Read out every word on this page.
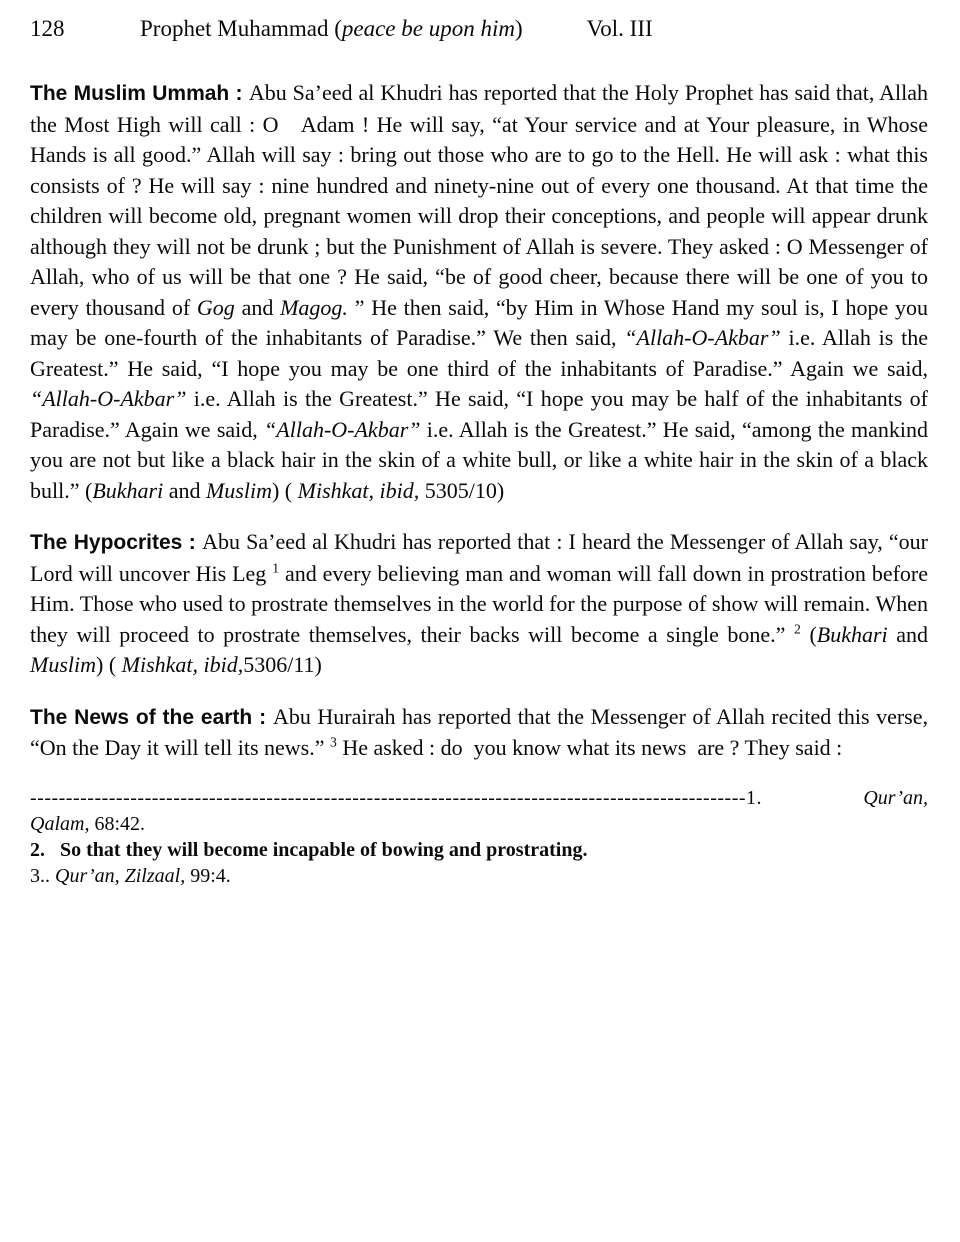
128	Prophet Muhammad (peace be upon him)	Vol. III

The Muslim Ummah : Abu Sa’eed al Khudri has reported that the Holy Prophet has said that, Allah the Most High will call : O   Adam ! He will say, “at Your service and at Your pleasure, in Whose Hands is all good.” Allah will say : bring out those who are to go to the Hell. He will ask : what this consists of ? He will say : nine hundred and ninety-nine out of every one thousand. At that time the children will become old, pregnant women will drop their conceptions, and people will appear drunk although they will not be drunk ; but the Punishment of Allah is severe. They asked : O Messenger of Allah, who of us will be that one ? He said, “be of good cheer, because there will be one of you to every thousand of Gog and Magog. ” He then said, “by Him in Whose Hand my soul is, I hope you may be one-fourth of the inhabitants of Paradise.” We then said, “Allah-O-Akbar” i.e. Allah is the Greatest.” He said, “I hope you may be one third of the inhabitants of Paradise.” Again we said, “Allah-O-Akbar” i.e. Allah is the Greatest.” He said, “I hope you may be half of the inhabitants of Paradise.” Again we said, “Allah-O-Akbar” i.e. Allah is the Greatest.” He said, “among the mankind you are not but like a black hair in the skin of a white bull, or like a white hair in the skin of a black bull.” (Bukhari and Muslim) ( Mishkat, ibid, 5305/10)

The Hypocrites : Abu Sa’eed al Khudri has reported that : I heard the Messenger of Allah say, “our Lord will uncover His Leg $^1$ and every believing man and woman will fall down in prostration before Him. Those who used to prostrate themselves in the world for the purpose of show will remain. When they will proceed to prostrate themselves, their backs will become a single bone.” $^2$ (Bukhari and Muslim) ( Mishkat, ibid,5306/11)

The News of the earth : Abu Hurairah has reported that the Messenger of Allah recited this verse, “On the Day it will tell its news.” $^3$ He asked : do  you know what its news  are ? They said :

----------------------------------------------------------------------------------------------------1.	Qur’an,
Qalam, 68:42.
2.   So that they will become incapable of bowing and prostrating.
3.. Qur’an, Zilzaal, 99:4.
